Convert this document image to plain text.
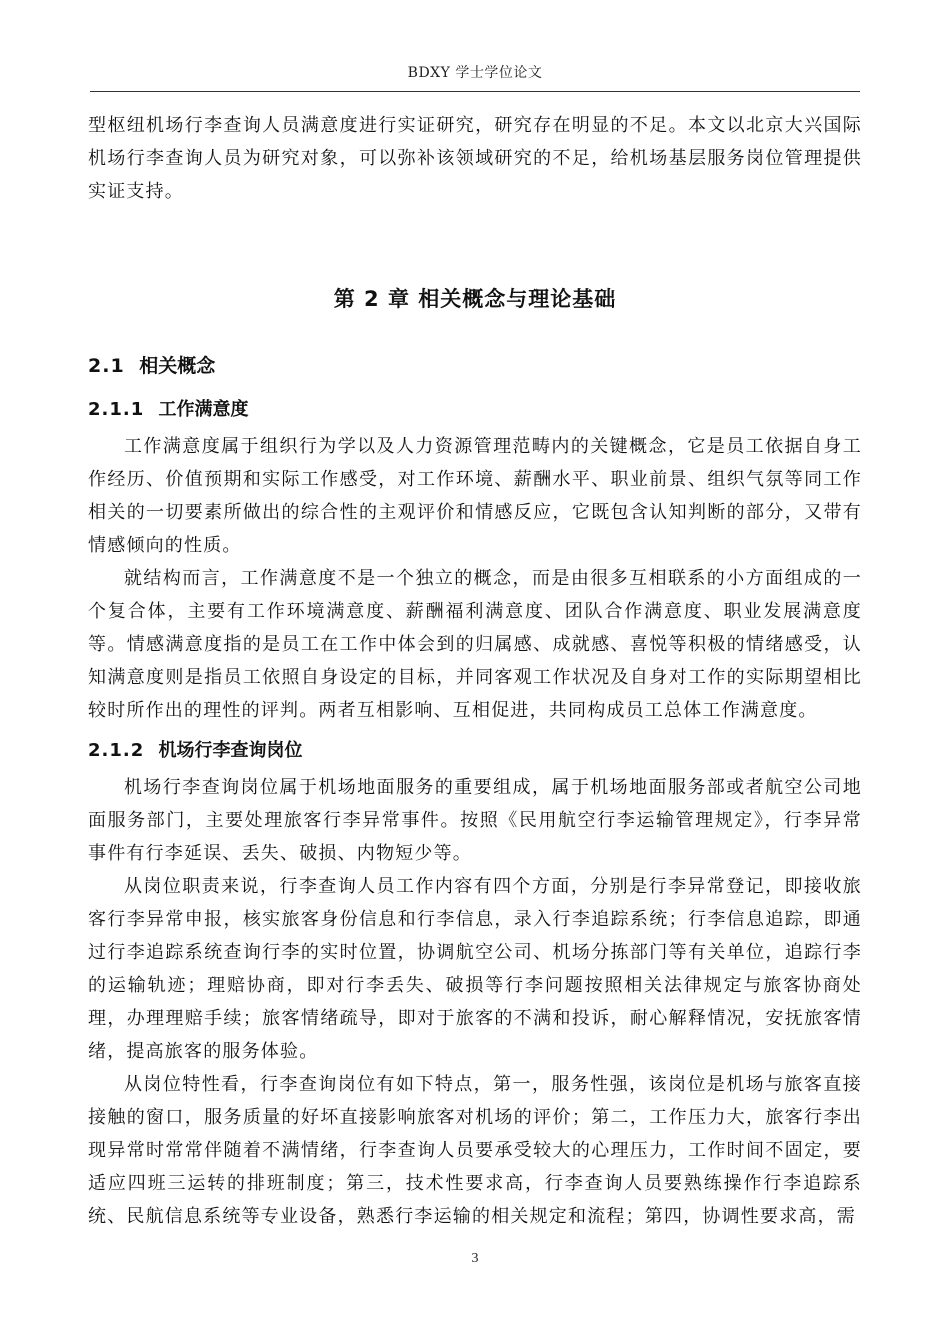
BDXY 学士学位论文

型枢纽机场行李查询人员满意度进行实证研究，研究存在明显的不足。本文以北京大兴国际机场行李查询人员为研究对象，可以弥补该领域研究的不足，给机场基层服务岗位管理提供实证支持。

第 2 章 相关概念与理论基础
2.1 相关概念
2.1.1 工作满意度

工作满意度属于组织行为学以及人力资源管理范畴内的关键概念，它是员工依据自身工作经历、价值预期和实际工作感受，对工作环境、薪酬水平、职业前景、组织气氛等同工作相关的一切要素所做出的综合性的主观评价和情感反应，它既包含认知判断的部分，又带有情感倾向的性质。

就结构而言，工作满意度不是一个独立的概念，而是由很多互相联系的小方面组成的一个复合体，主要有工作环境满意度、薪酬福利满意度、团队合作满意度、职业发展满意度等。情感满意度指的是员工在工作中体会到的归属感、成就感、喜悦等积极的情绪感受，认知满意度则是指员工依照自身设定的目标，并同客观工作状况及自身对工作的实际期望相比较时所作出的理性的评判。两者互相影响、互相促进，共同构成员工总体工作满意度。

2.1.2 机场行李查询岗位

机场行李查询岗位属于机场地面服务的重要组成，属于机场地面服务部或者航空公司地面服务部门，主要处理旅客行李异常事件。按照《民用航空行李运输管理规定》，行李异常事件有行李延误、丢失、破损、内物短少等。

从岗位职责来说，行李查询人员工作内容有四个方面，分别是行李异常登记，即接收旅客行李异常申报，核实旅客身份信息和行李信息，录入行李追踪系统；行李信息追踪，即通过行李追踪系统查询行李的实时位置，协调航空公司、机场分拣部门等有关单位，追踪行李的运输轨迹；理赔协商，即对行李丢失、破损等行李问题按照相关法律规定与旅客协商处理，办理理赔手续；旅客情绪疏导，即对于旅客的不满和投诉，耐心解释情况，安抚旅客情绪，提高旅客的服务体验。

从岗位特性看，行李查询岗位有如下特点，第一，服务性强，该岗位是机场与旅客直接接触的窗口，服务质量的好坏直接影响旅客对机场的评价；第二，工作压力大，旅客行李出现异常时常常伴随着不满情绪，行李查询人员要承受较大的心理压力，工作时间不固定，要适应四班三运转的排班制度；第三，技术性要求高，行李查询人员要熟练操作行李追踪系统、民航信息系统等专业设备，熟悉行李运输的相关规定和流程；第四，协调性要求高，需

3
